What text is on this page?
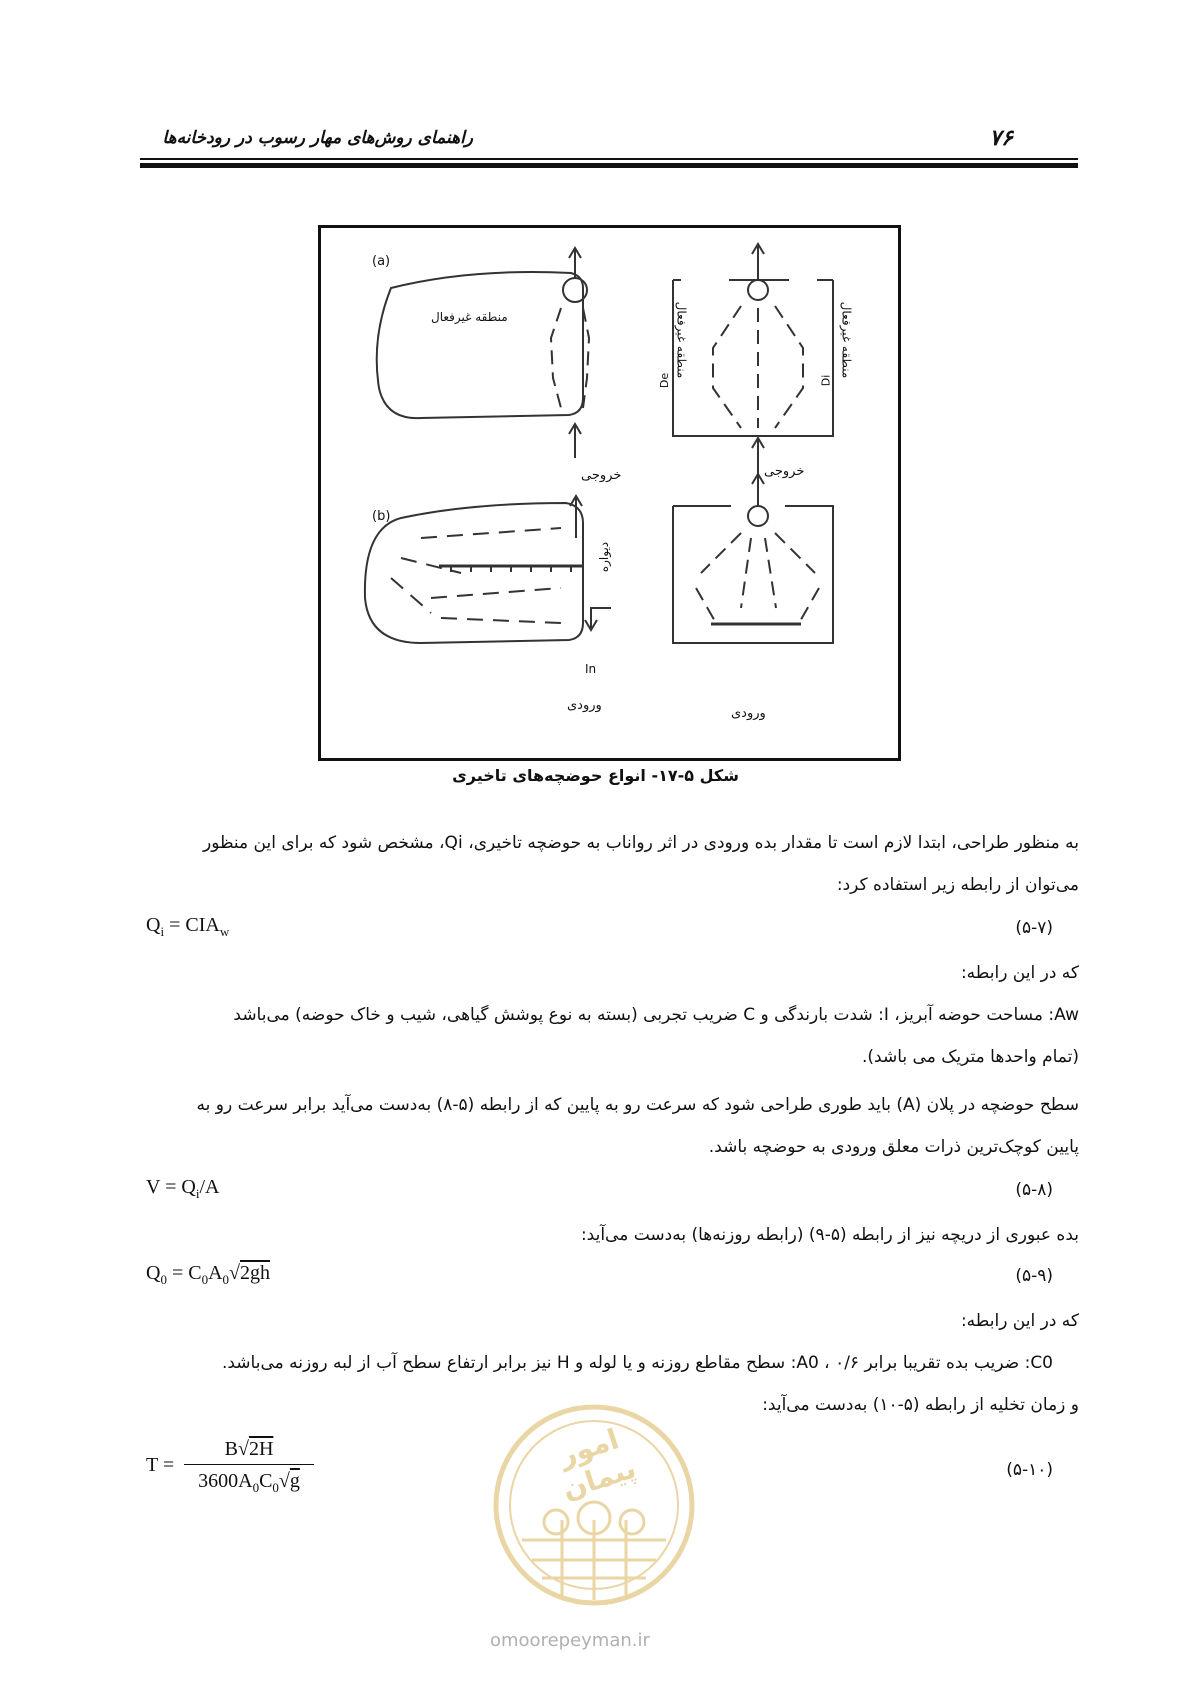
۷۶
راهنمای روش‌های مهار رسوب در رودخانه‌ها
(a)
(b)
منطقه غیرفعال	منطقه غیرفعال	منطقه غیرفعال
De	Di
خروجی	خروجی
دیواره
In
ورودی
ورودی
شکل ۵-۱۷- انواع حوضچه‌های تاخیری
به منظور طراحی، ابتدا لازم است تا مقدار بده ورودی در اثر رواناب به حوضچه تاخیری، Qi، مشخص شود که برای این منظور
می‌توان از رابطه زیر استفاده کرد:
$Q_i = CIA_w$	(۵-۷)
که در این رابطه:
Aw: مساحت حوضه آبریز، I: شدت بارندگی و C ضریب تجربی (بسته به نوع پوشش گیاهی، شیب و خاک حوضه) می‌باشد
(تمام واحدها متریک می باشد).
سطح حوضچه در پلان (A) باید طوری طراحی شود که سرعت رو به پایین که از رابطه (۵-۸) به‌دست می‌آید برابر سرعت رو به
پایین کوچک‌ترین ذرات معلق ورودی به حوضچه باشد.
$V = Q_i/A$	(۵-۸)
بده عبوری از دریچه نیز از رابطه (۵-۹) (رابطه روزنه‌ها) به‌دست می‌آید:
$Q_0 = C_0A_0√2gh$	(۵-۹)
که در این رابطه:
C0: ضریب بده تقریبا برابر ۰/۶ ، A0: سطح مقاطع روزنه و یا لوله و H نیز برابر ارتفاع سطح آب از لبه روزنه می‌باشد.
و زمان تخلیه از رابطه (۵-۱۰) به‌دست می‌آید:
T =
B√2H
$3600A_0C_0√g$	(۵-۱۰)
امور پیمان
omoorepeyman.ir
